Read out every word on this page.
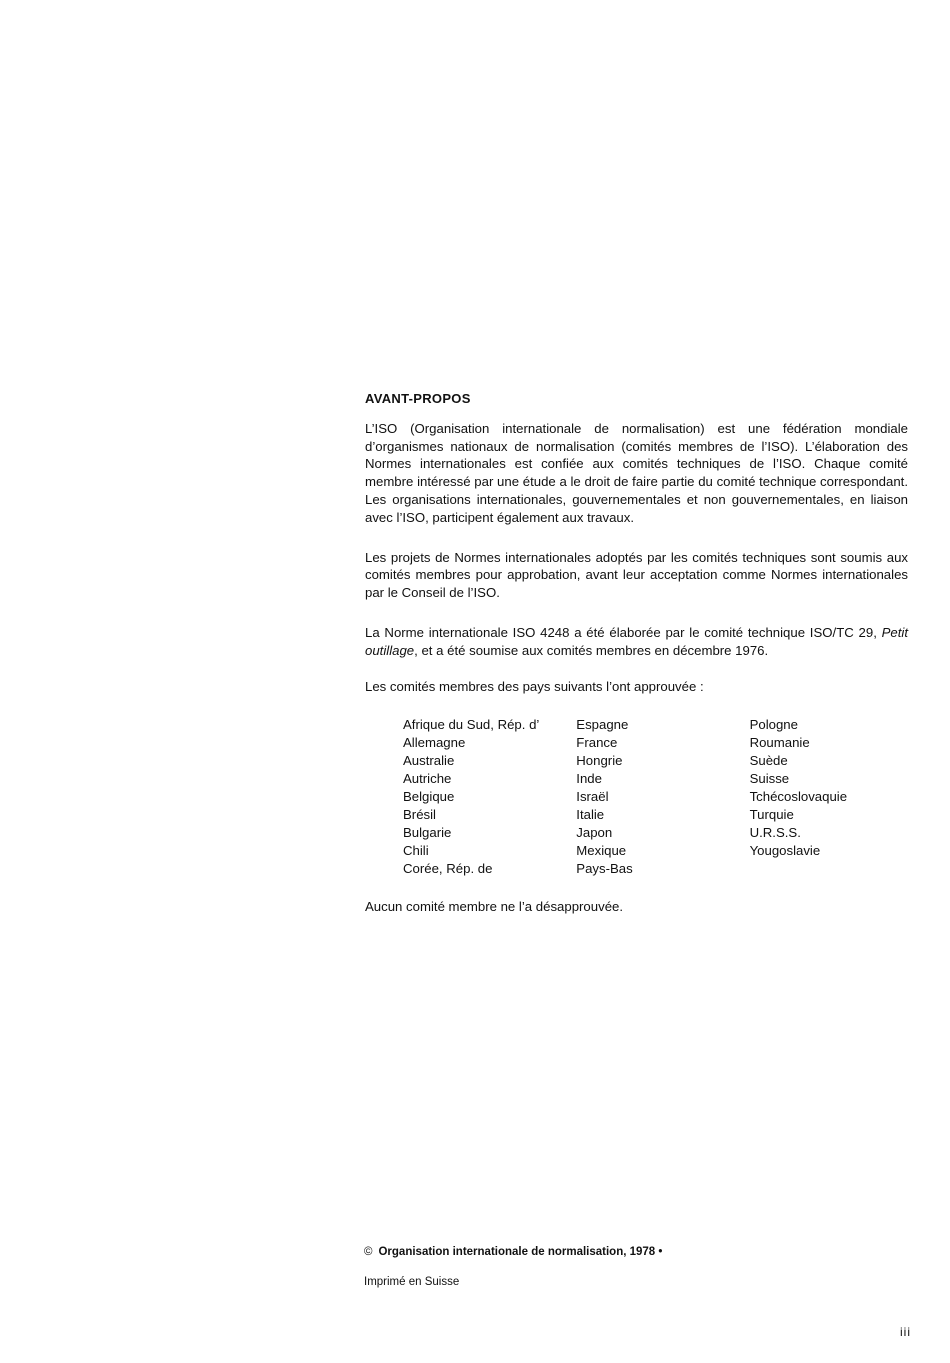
AVANT-PROPOS

L’ISO (Organisation internationale de normalisation) est une fédération mondiale d’organismes nationaux de normalisation (comités membres de l’ISO). L’élaboration des Normes internationales est confiée aux comités techniques de l’ISO. Chaque comité membre intéressé par une étude a le droit de faire partie du comité technique correspondant. Les organisations internationales, gouvernementales et non gouvernementales, en liaison avec l’ISO, participent également aux travaux.

Les projets de Normes internationales adoptés par les comités techniques sont soumis aux comités membres pour approbation, avant leur acceptation comme Normes internationales par le Conseil de l’ISO.

La Norme internationale ISO 4248 a été élaborée par le comité technique ISO/TC 29, Petit outillage, et a été soumise aux comités membres en décembre 1976.

Les comités membres des pays suivants l’ont approuvée :

Afrique du Sud, Rép. d’
Allemagne
Australie
Autriche
Belgique
Brésil
Bulgarie
Chili
Corée, Rép. de
Espagne
France
Hongrie
Inde
Israël
Italie
Japon
Mexique
Pays-Bas
Pologne
Roumanie
Suède
Suisse
Tchécoslovaquie
Turquie
U.R.S.S.
Yougoslavie

Aucun comité membre ne l’a désapprouvée.

© Organisation internationale de normalisation, 1978 •
Imprimé en Suisse
iii
